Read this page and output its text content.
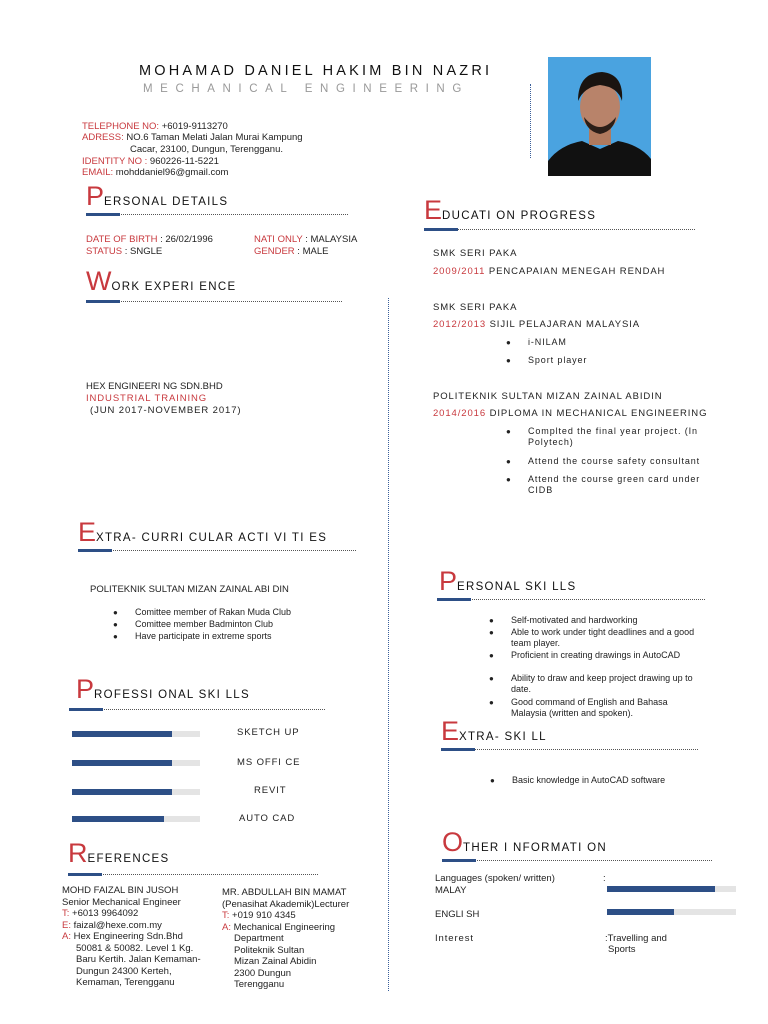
MOHAMAD DANIEL HAKIM BIN NAZRI
MECHANICAL ENGINEERING
TELEPHONE NO: +6019-9113270
ADRESS: NO.6 Taman Melati Jalan Murai Kampung
Cacar, 23100, Dungun, Terengganu.
IDENTITY NO : 960226-11-5221
EMAIL: mohddaniel96@gmail.com
PERSONAL DETAILS
DATE OF BIRTH : 26/02/1996
STATUS : SNGLE
NATI ONLY : MALAYSIA
GENDER : MALE
WORK EXPERI ENCE
HEX ENGINEERI NG SDN.BHD
INDUSTRIAL TRAINING
(JUN 2017-NOVEMBER 2017)
EDUCATI ON PROGRESS
SMK SERI PAKA
2009/2011 PENCAPAIAN MENEGAH RENDAH
SMK SERI PAKA
2012/2013 SIJIL PELAJARAN MALAYSIA
● i-NILAM
● Sport player
POLITEKNIK SULTAN MIZAN ZAINAL ABIDIN
2014/2016 DIPLOMA IN MECHANICAL ENGINEERING
● Complted the final year project. (In Polytech)
● Attend the course safety consultant
● Attend the course green card under CIDB
EXTRA- CURRI CULAR ACTI VI TI ES
POLITEKNIK SULTAN MIZAN ZAINAL ABI DIN
● Comittee member of Rakan Muda Club
● Comittee member Badminton Club
● Have participate in extreme sports
PERSONAL SKI LLS
● Self-motivated and hardworking
● Able to work under tight deadlines and a good team player.
● Proficient in creating drawings in AutoCAD
● Ability to draw and keep project drawing up to date.
● Good command of English and Bahasa Malaysia (written and spoken).
PROFESSI ONAL SKI LLS
SKETCH UP
MS OFFI CE
REVIT
AUTO CAD
EXTRA- SKI LL
● Basic knowledge in AutoCAD software
REFERENCES
MOHD FAIZAL BIN JUSOH
Senior Mechanical Engineer
T: +6013 9964092
E: faizal@hexe.com.my
A: Hex Engineering Sdn.Bhd
50081 & 50082. Level 1 Kg.
Baru Kertih. Jalan Kemaman-
Dungun 24300 Kerteh,
Kemaman, Terengganu
MR. ABDULLAH BIN MAMAT
(Penasihat Akademik)Lecturer
T: +019 910 4345
A: Mechanical Engineering
Department
Politeknik Sultan
Mizan Zainal Abidin
2300 Dungun
Terengganu
OTHER I NFORMATI ON
Languages (spoken/ written)	:
MALAY
ENGLI SH
Interest	:Travelling and
Sports
